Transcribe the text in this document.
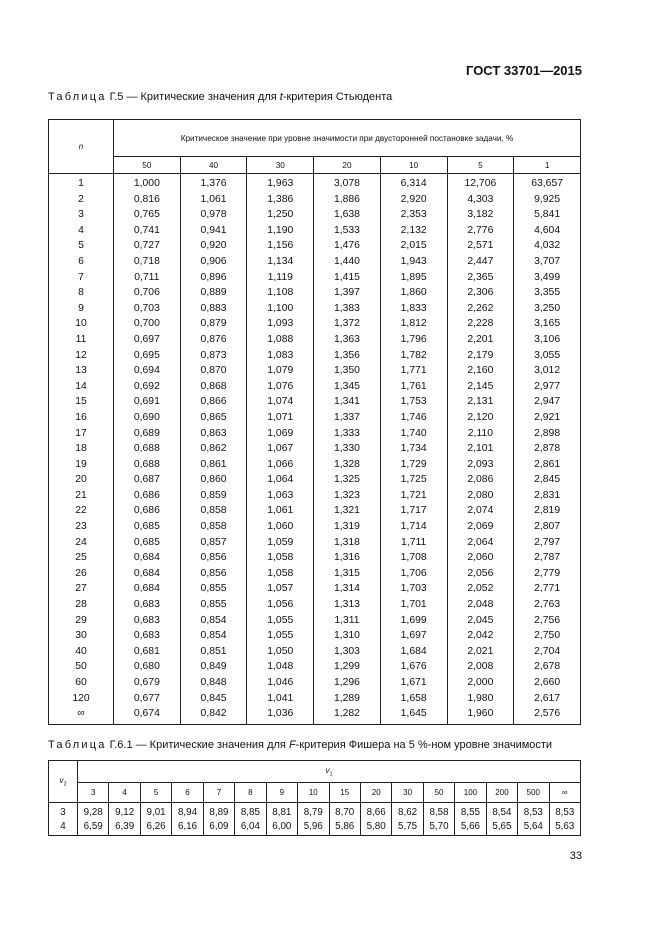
ГОСТ 33701—2015
Таблица Г.5 — Критические значения для t-критерия Стьюдента
n	Критическое значение при уровне значимости при двусторонней постановке задачи, %						
	50	40	30	20	10	5	1
1	1,000	1,376	1,963	3,078	6,314	12,706	63,657
2	0,816	1,061	1,386	1,886	2,920	4,303	9,925
3	0,765	0,978	1,250	1,638	2,353	3,182	5,841
4	0,741	0,941	1,190	1,533	2,132	2,776	4,604
5	0,727	0,920	1,156	1,476	2,015	2,571	4,032
6	0,718	0,906	1,134	1,440	1,943	2,447	3,707
7	0,711	0,896	1,119	1,415	1,895	2,365	3,499
8	0,706	0,889	1,108	1,397	1,860	2,306	3,355
9	0,703	0,883	1,100	1,383	1,833	2,262	3,250
10	0,700	0,879	1,093	1,372	1,812	2,228	3,165
11	0,697	0,876	1,088	1,363	1,796	2,201	3,106
12	0,695	0,873	1,083	1,356	1,782	2,179	3,055
13	0,694	0,870	1,079	1,350	1,771	2,160	3,012
14	0,692	0,868	1,076	1,345	1,761	2,145	2,977
15	0,691	0,866	1,074	1,341	1,753	2,131	2,947
16	0,690	0,865	1,071	1,337	1,746	2,120	2,921
17	0,689	0,863	1,069	1,333	1,740	2,110	2,898
18	0,688	0,862	1,067	1,330	1,734	2,101	2,878
19	0,688	0,861	1,066	1,328	1,729	2,093	2,861
20	0,687	0,860	1,064	1,325	1,725	2,086	2,845
21	0,686	0,859	1,063	1,323	1,721	2,080	2,831
22	0,686	0,858	1,061	1,321	1,717	2,074	2,819
23	0,685	0,858	1,060	1,319	1,714	2,069	2,807
24	0,685	0,857	1,059	1,318	1,711	2,064	2,797
25	0,684	0,856	1,058	1,316	1,708	2,060	2,787
26	0,684	0,856	1,058	1,315	1,706	2,056	2,779
27	0,684	0,855	1,057	1,314	1,703	2,052	2,771
28	0,683	0,855	1,056	1,313	1,701	2,048	2,763
29	0,683	0,854	1,055	1,311	1,699	2,045	2,756
30	0,683	0,854	1,055	1,310	1,697	2,042	2,750
40	0,681	0,851	1,050	1,303	1,684	2,021	2,704
50	0,680	0,849	1,048	1,299	1,676	2,008	2,678
60	0,679	0,848	1,046	1,296	1,671	2,000	2,660
120	0,677	0,845	1,041	1,289	1,658	1,980	2,617
∞	0,674	0,842	1,036	1,282	1,645	1,960	2,576
Таблица Г.6.1 — Критические значения для F-критерия Фишера на 5 %-ном уровне значимости
$v_2$	$v_1$
	3	4	5	6	7	8	9	10	15	20	30	50	100	200	500	∞
3	9,28	9,12	9,01	8,94	8,89	8,85	8,81	8,79	8,70	8,66	8,62	8,58	8,55	8,54	8,53	8,53
4	6,59	6,39	6,26	6,16	6,09	6,04	6,00	5,96	5,86	5,80	5,75	5,70	5,66	5,65	5,64	5,63
33
